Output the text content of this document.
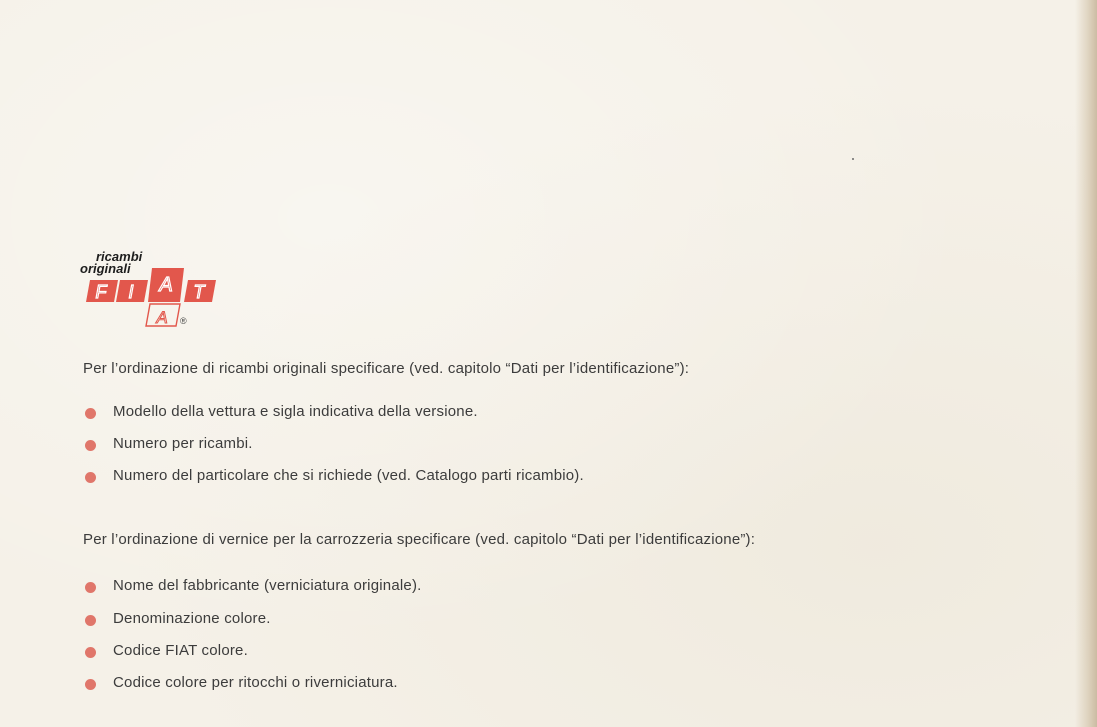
F I A T
A ®
ricambi
originali
Per l’ordinazione di ricambi originali specificare (ved. capitolo “Dati per l’identificazione”):
Modello della vettura e sigla indicativa della versione.
Numero per ricambi.
Numero del particolare che si richiede (ved. Catalogo parti ricambio).
Per l’ordinazione di vernice per la carrozzeria specificare (ved. capitolo “Dati per l’identificazione”):
Nome del fabbricante (verniciatura originale).
Denominazione colore.
Codice FIAT colore.
Codice colore per ritocchi o riverniciatura.
